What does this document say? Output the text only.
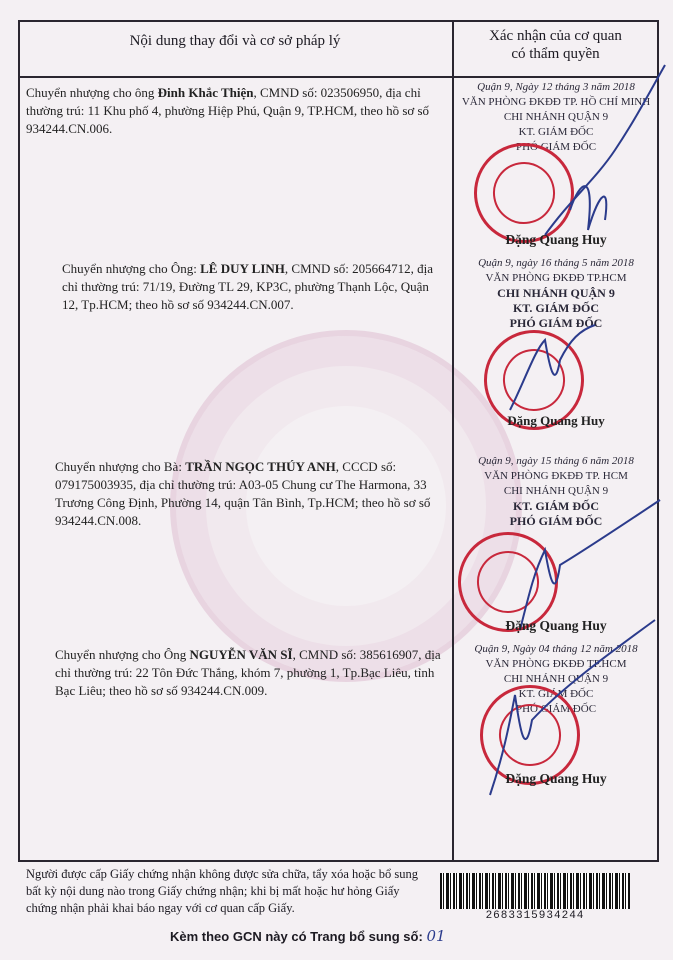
Nội dung thay đổi và cơ sở pháp lý	Xác nhận của cơ quan
có thẩm quyền
Chuyển nhượng cho ông Đinh Khắc Thiện, CMND số: 023506950, địa chỉ thường trú: 11 Khu phố 4, phường Hiệp Phú, Quận 9, TP.HCM, theo hồ sơ số 934244.CN.006.
Quận 9, Ngày 12 tháng 3 năm 2018
VĂN PHÒNG ĐKĐĐ TP. HỒ CHÍ MINH
CHI NHÁNH QUẬN 9
KT. GIÁM ĐỐC
PHÓ GIÁM ĐỐC
Đặng Quang Huy
Chuyển nhượng cho Ông: LÊ DUY LINH, CMND số: 205664712, địa chỉ thường trú: 71/19, Đường TL 29, KP3C, phường Thạnh Lộc, Quận 12, Tp.HCM; theo hồ sơ số 934244.CN.007.
Quận 9, ngày 16 tháng 5 năm 2018
VĂN PHÒNG ĐKĐĐ TP.HCM
CHI NHÁNH QUẬN 9
KT. GIÁM ĐỐC
PHÓ GIÁM ĐỐC
Đặng Quang Huy
Chuyển nhượng cho Bà: TRẦN NGỌC THÚY ANH, CCCD số: 079175003935, địa chỉ thường trú: A03-05 Chung cư The Harmona, 33 Trương Công Định, Phường 14, quận Tân Bình, Tp.HCM; theo hồ sơ số 934244.CN.008.
Quận 9, ngày 15 tháng 6 năm 2018
VĂN PHÒNG ĐKĐĐ TP. HCM
CHI NHÁNH QUẬN 9
KT. GIÁM ĐỐC
PHÓ GIÁM ĐỐC
Đặng Quang Huy
Chuyển nhượng cho Ông NGUYỄN VĂN SĨ, CMND số: 385616907, địa chỉ thường trú: 22 Tôn Đức Thắng, khóm 7, phường 1, Tp.Bạc Liêu, tỉnh Bạc Liêu; theo hồ sơ số 934244.CN.009.
Quận 9, Ngày 04 tháng 12 năm 2018
VĂN PHÒNG ĐKĐĐ TP.HCM
CHI NHÁNH QUẬN 9
KT. GIÁM ĐỐC
PHÓ GIÁM ĐỐC
Đặng Quang Huy
Người được cấp Giấy chứng nhận không được sửa chữa, tẩy xóa hoặc bổ sung bất kỳ nội dung nào trong Giấy chứng nhận; khi bị mất hoặc hư hỏng Giấy chứng nhận phải khai báo ngay với cơ quan cấp Giấy.
2683315934244
Kèm theo GCN này có Trang bổ sung số: 01
